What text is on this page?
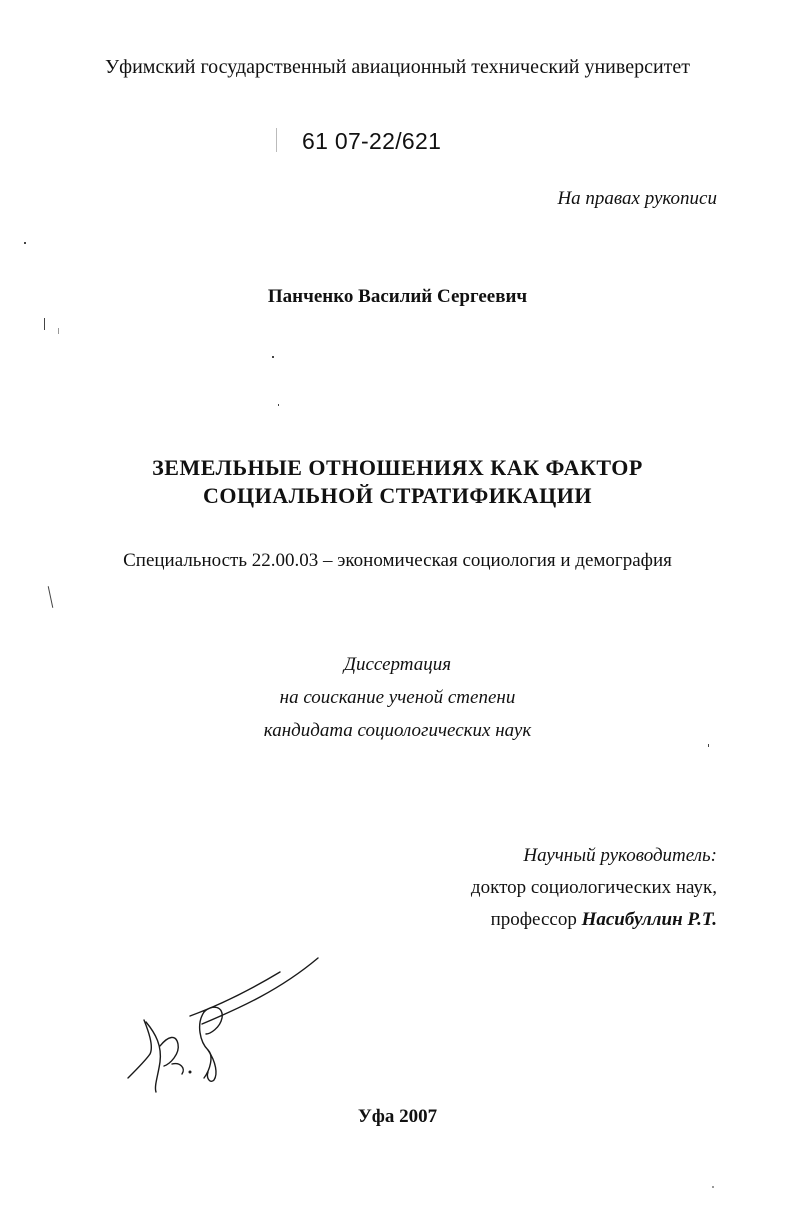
Уфимский государственный авиационный технический университет
61 07-22/621
На правах рукописи
Панченко Василий Сергеевич
ЗЕМЕЛЬНЫЕ ОТНОШЕНИЯХ КАК ФАКТОР
СОЦИАЛЬНОЙ СТРАТИФИКАЦИИ
Специальность 22.00.03 – экономическая социология и демография
Диссертация
на соискание ученой степени
кандидата социологических наук
Научный руководитель:
доктор социологических наук,
профессор Насибуллин Р.Т.
Уфа 2007
